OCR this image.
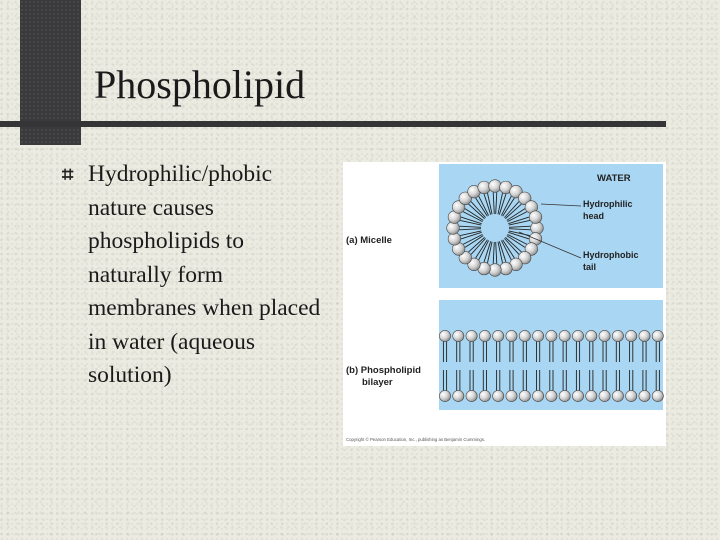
Phospholipid
⌗ Hydrophilic/phobic nature causes phospholipids to naturally form membranes when placed in water (aqueous solution)
WATER
Hydrophilic
head
Hydrophobic
tail
(a) Micelle
(b) Phospholipid
bilayer
Copyright © Pearson Education, Inc., publishing as Benjamin Cummings.
